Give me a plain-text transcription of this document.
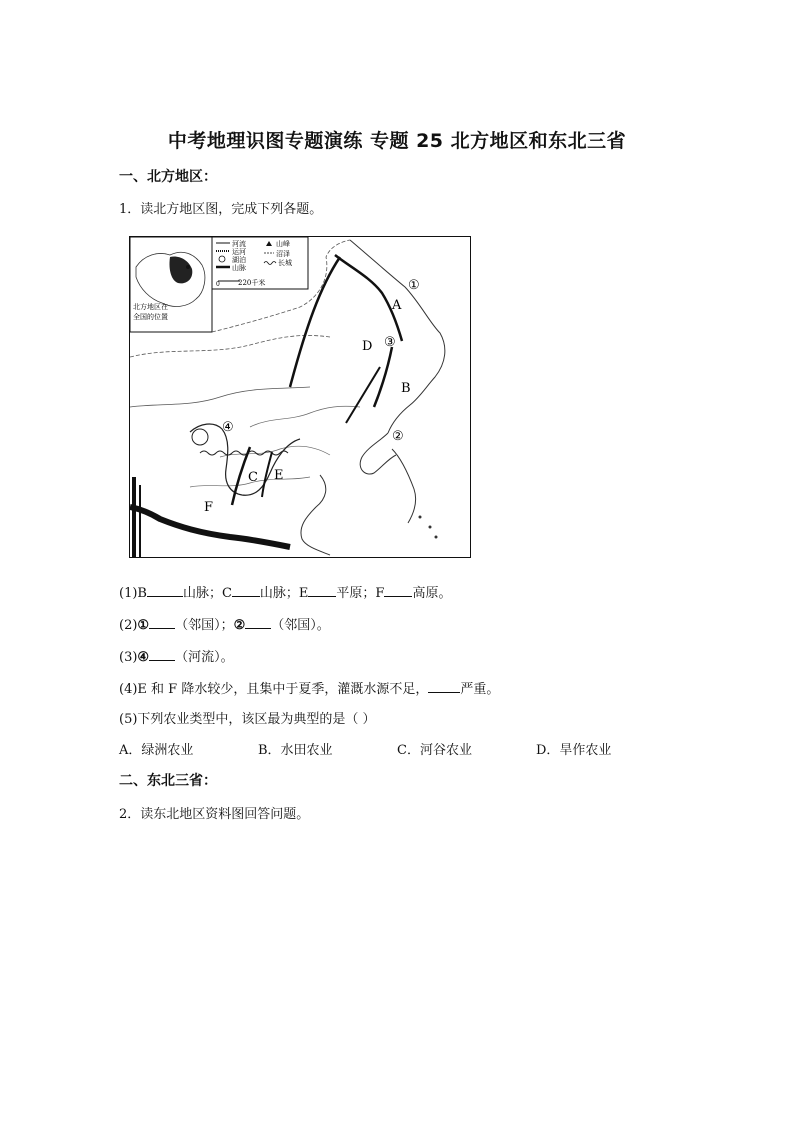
中考地理识图专题演练 专题 25 北方地区和东北三省
一、北方地区：
1．读北方地区图，完成下列各题。
北方地区在
全国的位置
河流
运河
湖泊
山脉
山峰
沼泽
长城
0	220千米
A
B
C
D
E
F
①
②
③
④
(1)B	山脉；C 山脉；E 平原；F 高原。
(2)① （邻国）；② （邻国）。
(3)④ （河流）。
(4)E 和 F 降水较少，且集中于夏季，灌溉水源不足， 严重。
(5)下列农业类型中，该区最为典型的是（ ）
A．绿洲农业	B．水田农业	C．河谷农业	D．旱作农业
二、东北三省：
2．读东北地区资料图回答问题。
